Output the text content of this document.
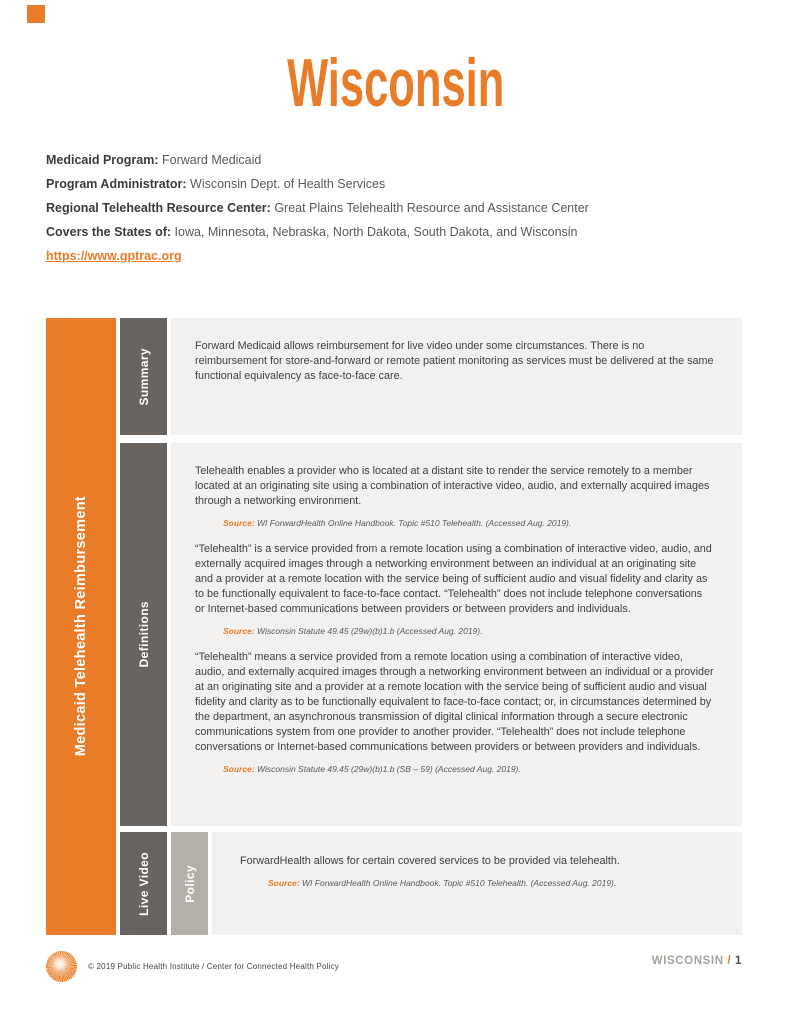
Wisconsin
Medicaid Program: Forward Medicaid
Program Administrator: Wisconsin Dept. of Health Services
Regional Telehealth Resource Center: Great Plains Telehealth Resource and Assistance Center
Covers the States of: Iowa, Minnesota, Nebraska, North Dakota, South Dakota, and Wisconsin
https://www.gptrac.org
Medicaid Telehealth Reimbursement
Summary

Forward Medicaid allows reimbursement for live video under some circumstances. There is no reimbursement for store-and-forward or remote patient monitoring as services must be delivered at the same functional equivalency as face-to-face care.

Definitions

Telehealth enables a provider who is located at a distant site to render the service remotely to a member located at an originating site using a combination of interactive video, audio, and externally acquired images through a networking environment.

Source: WI ForwardHealth Online Handbook. Topic #510 Telehealth. (Accessed Aug. 2019).

“Telehealth” is a service provided from a remote location using a combination of interactive video, audio, and externally acquired images through a networking environment between an individual at an originating site and a provider at a remote location with the service being of sufficient audio and visual fidelity and clarity as to be functionally equivalent to face-to-face contact. “Telehealth” does not include telephone conversations or Internet-based communications between providers or between providers and individuals.

Source: Wisconsin Statute 49.45 (29w)(b)1.b (Accessed Aug. 2019).

“Telehealth” means a service provided from a remote location using a combination of interactive video, audio, and externally acquired images through a networking environment between an individual or a provider at an originating site and a provider at a remote location with the service being of sufficient audio and visual fidelity and clarity as to be functionally equivalent to face-to-face contact; or, in circumstances determined by the department, an asynchronous transmission of digital clinical information through a secure electronic communications system from one provider to another provider. “Telehealth” does not include telephone conversations or Internet-based communications between providers or between providers and individuals.

Source: Wisconsin Statute 49.45 (29w)(b)1.b (SB – 59) (Accessed Aug. 2019).

Live Video	Policy

ForwardHealth allows for certain covered services to be provided via telehealth.

Source: WI ForwardHealth Online Handbook. Topic #510 Telehealth. (Accessed Aug. 2019).

© 2019 Public Health Institute / Center for Connected Health Policy	WISCONSIN / 1
